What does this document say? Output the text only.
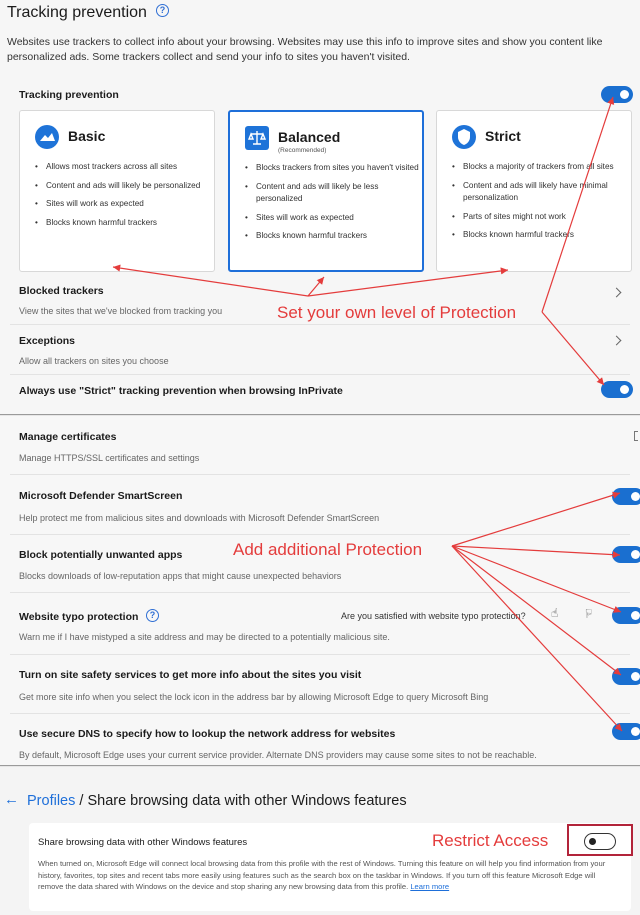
Tracking prevention	?
Websites use trackers to collect info about your browsing. Websites may use this info to improve sites and show you content like personalized ads. Some trackers collect and send your info to sites you haven't visited.
Tracking prevention
Basic
• Allows most trackers across all sites
• Content and ads will likely be personalized
• Sites will work as expected
• Blocks known harmful trackers
Balanced
(Recommended)
• Blocks trackers from sites you haven't visited
• Content and ads will likely be less personalized
• Sites will work as expected
• Blocks known harmful trackers
Strict
• Blocks a majority of trackers from all sites
• Content and ads will likely have minimal personalization
• Parts of sites might not work
• Blocks known harmful trackers
Blocked trackers
View the sites that we've blocked from tracking you
Exceptions
Allow all trackers on sites you choose
Always use "Strict" tracking prevention when browsing InPrivate
Set your own level of Protection
Manage certificates
Manage HTTPS/SSL certificates and settings
Microsoft Defender SmartScreen
Help protect me from malicious sites and downloads with Microsoft Defender SmartScreen
Block potentially unwanted apps
Blocks downloads of low-reputation apps that might cause unexpected behaviors
Website typo protection	?	Are you satisfied with website typo protection? ☝ ☝
Warn me if I have mistyped a site address and may be directed to a potentially malicious site.
Turn on site safety services to get more info about the sites you visit
Get more site info when you select the lock icon in the address bar by allowing Microsoft Edge to query Microsoft Bing
Use secure DNS to specify how to lookup the network address for websites
By default, Microsoft Edge uses your current service provider. Alternate DNS providers may cause some sites to not be reachable.
Add additional Protection
← Profiles / Share browsing data with other Windows features
Share browsing data with other Windows features
When turned on, Microsoft Edge will connect local browsing data from this profile with the rest of Windows. Turning this feature on will help you find information from your history, favorites, top sites and recent tabs more easily using features such as the search box on the taskbar in Windows. If you turn off this feature Microsoft Edge will remove the data shared with Windows on the device and stop sharing any new browsing data from this profile. Learn more
Restrict Access
